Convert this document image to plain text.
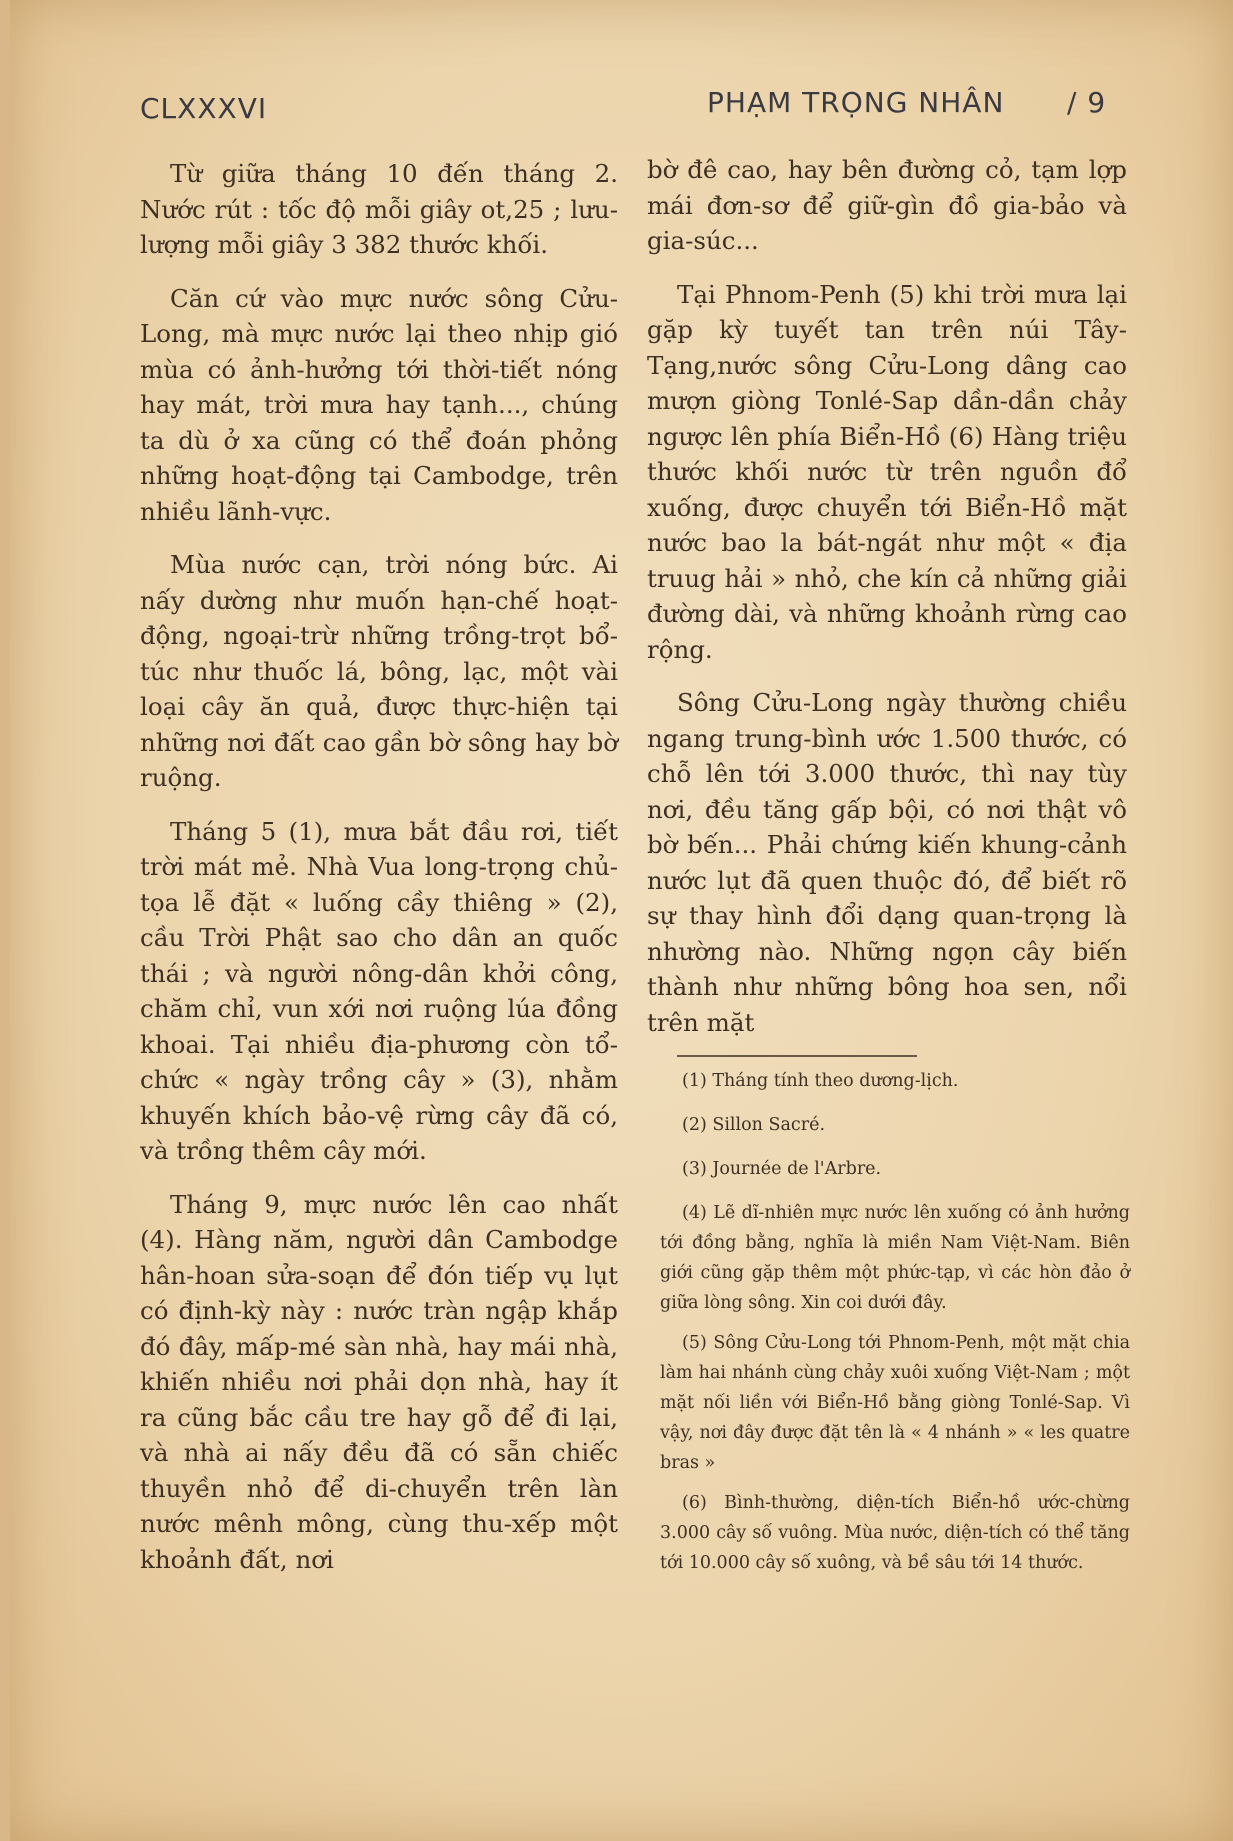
CLXXXVI	PHẠM TRỌNG NHÂN / 9

Từ giữa tháng 10 đến tháng 2. Nước rút : tốc độ mỗi giây ot,25 ; lưu-lượng mỗi giây 3 382 thước khối.

Căn cứ vào mực nước sông Cửu-Long, mà mực nước lại theo nhịp gió mùa có ảnh-hưởng tới thời-tiết nóng hay mát, trời mưa hay tạnh..., chúng ta dù ở xa cũng có thể đoán phỏng những hoạt-động tại Cambodge, trên nhiều lãnh-vực.

Mùa nước cạn, trời nóng bức. Ai nấy dường như muốn hạn-chế hoạt-động, ngoại-trừ những trồng-trọt bổ-túc như thuốc lá, bông, lạc, một vài loại cây ăn quả, được thực-hiện tại những nơi đất cao gần bờ sông hay bờ ruộng.

Tháng 5 (1), mưa bắt đầu rơi, tiết trời mát mẻ. Nhà Vua long-trọng chủ-tọa lễ đặt « luống cầy thiêng » (2), cầu Trời Phật sao cho dân an quốc thái ; và người nông-dân khởi công, chăm chỉ, vun xới nơi ruộng lúa đồng khoai. Tại nhiều địa-phương còn tổ-chức « ngày trồng cây » (3), nhằm khuyến khích bảo-vệ rừng cây đã có, và trồng thêm cây mới.

Tháng 9, mực nước lên cao nhất (4). Hàng năm, người dân Cambodge hân-hoan sửa-soạn để đón tiếp vụ lụt có định-kỳ này : nước tràn ngập khắp đó đây, mấp-mé sàn nhà, hay mái nhà, khiến nhiều nơi phải dọn nhà, hay ít ra cũng bắc cầu tre hay gỗ để đi lại, và nhà ai nấy đều đã có sẵn chiếc thuyền nhỏ để di-chuyển trên làn nước mênh mông, cùng thu-xếp một khoảnh đất, nơi

bờ đê cao, hay bên đường cỏ, tạm lợp mái đơn-sơ để giữ-gìn đồ gia-bảo và gia-súc...

Tại Phnom-Penh (5) khi trời mưa lại gặp kỳ tuyết tan trên núi Tây-Tạng,nước sông Cửu-Long dâng cao mượn giòng Tonlé-Sap dần-dần chảy ngược lên phía Biển-Hồ (6) Hàng triệu thước khối nước từ trên nguồn đổ xuống, được chuyển tới Biển-Hồ mặt nước bao la bát-ngát như một « địa truug hải » nhỏ, che kín cả những giải đường dài, và những khoảnh rừng cao rộng.

Sông Cửu-Long ngày thường chiều ngang trung-bình ước 1.500 thước, có chỗ lên tới 3.000 thước, thì nay tùy nơi, đều tăng gấp bội, có nơi thật vô bờ bến... Phải chứng kiến khung-cảnh nước lụt đã quen thuộc đó, để biết rõ sự thay hình đổi dạng quan-trọng là nhường nào. Những ngọn cây biến thành như những bông hoa sen, nổi trên mặt

(1) Tháng tính theo dương-lịch.

(2) Sillon Sacré.

(3) Journée de l'Arbre.

(4) Lẽ dĩ-nhiên mực nước lên xuống có ảnh hưởng tới đồng bằng, nghĩa là miền Nam Việt-Nam. Biên giới cũng gặp thêm một phức-tạp, vì các hòn đảo ở giữa lòng sông. Xin coi dưới đây.

(5) Sông Cửu-Long tới Phnom-Penh, một mặt chia làm hai nhánh cùng chảy xuôi xuống Việt-Nam ; một mặt nối liền với Biển-Hồ bằng giòng Tonlé-Sap. Vì vậy, nơi đây được đặt tên là « 4 nhánh » « les quatre bras »

(6) Bình-thường, diện-tích Biển-hồ ước-chừng 3.000 cây số vuông. Mùa nước, diện-tích có thể tăng tới 10.000 cây số xuông, và bề sâu tới 14 thước.
